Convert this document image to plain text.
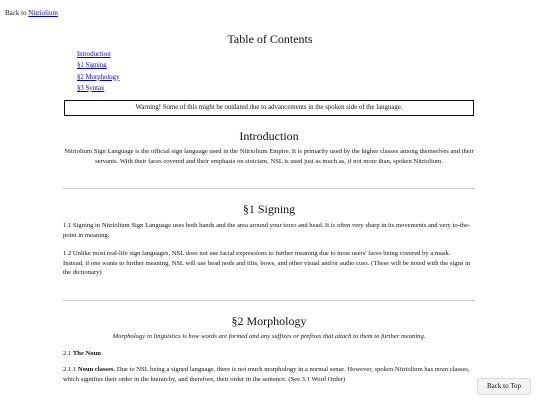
Back to Nitriolium
Table of Contents
Introduction
§1 Signing
§2 Morphology
§3 Syntax
Warning! Some of this might be outdated due to advancements in the spoken side of the language.
Introduction

Nitriolium Sign Language is the official sign language used in the Nitriolium Empire. It is primarily used by the higher classes among themselves and their servants. With their faces covered and their emphasis on stoicism, NSL is used just as much as, if not more than, spoken Nitriolium.

§1 Signing

1.1 Signing in Nitriolium Sign Language uses both hands and the area around your torso and head. It is often very sharp in its movements and very to-the-point in meaning.

1.2 Unlike most real-life sign languages, NSL does not use facial expressions to further meaning due to most users' faces being covered by a mask.

Instead, if one wants to further meaning, NSL will use head nods and tilts, bows, and other visual and/or audio cues. (These will be noted with the signs in the dictionary)

§2 Morphology

Morphology in linguistics is how words are formed and any suffixes or prefixes that attach to them to further meaning.

2.1 The Noun

2.1.1 Noun classes. Due to NSL being a signed language, there is not much morphology in a normal sense. However, spoken Nitriolium has noun classes, which signifies their order in the hierarchy, and therefore, their order in the sentence. (See 3.1 Word Order)

Back to Top
